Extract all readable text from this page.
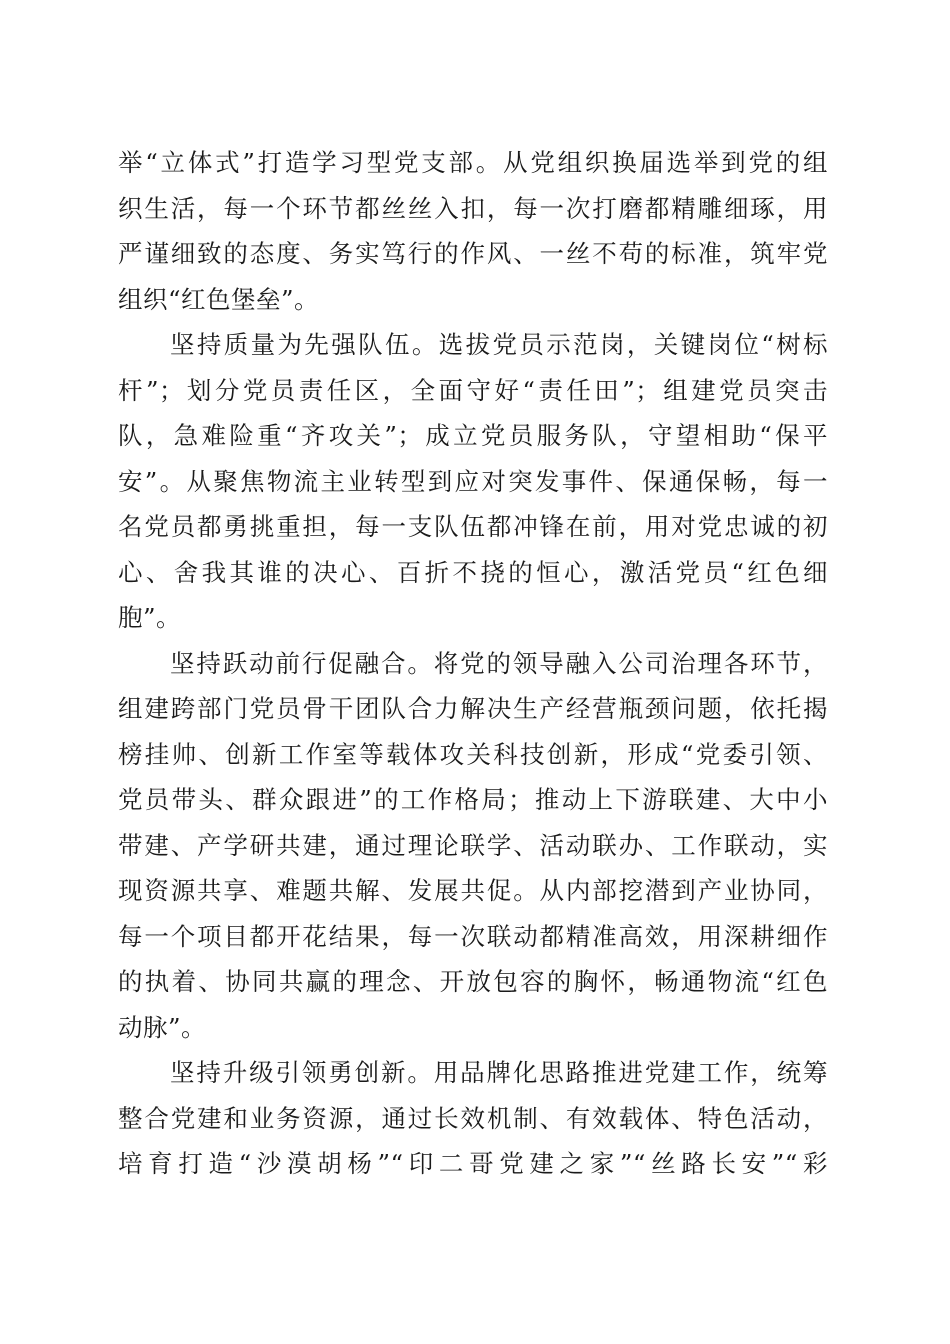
举“立体式”打造学习型党支部。从党组织换届选举到党的组
织生活，每一个环节都丝丝入扣，每一次打磨都精雕细琢，用
严谨细致的态度、务实笃行的作风、一丝不苟的标准，筑牢党
组织“红色堡垒”。
坚持质量为先强队伍。选拔党员示范岗，关键岗位“树标
杆”；划分党员责任区，全面守好“责任田”；组建党员突击
队，急难险重“齐攻关”；成立党员服务队，守望相助“保平
安”。从聚焦物流主业转型到应对突发事件、保通保畅，每一
名党员都勇挑重担，每一支队伍都冲锋在前，用对党忠诚的初
心、舍我其谁的决心、百折不挠的恒心，激活党员“红色细
胞”。
坚持跃动前行促融合。将党的领导融入公司治理各环节，
组建跨部门党员骨干团队合力解决生产经营瓶颈问题，依托揭
榜挂帅、创新工作室等载体攻关科技创新，形成“党委引领、
党员带头、群众跟进”的工作格局；推动上下游联建、大中小
带建、产学研共建，通过理论联学、活动联办、工作联动，实
现资源共享、难题共解、发展共促。从内部挖潜到产业协同，
每一个项目都开花结果，每一次联动都精准高效，用深耕细作
的执着、协同共赢的理念、开放包容的胸怀，畅通物流“红色
动脉”。
坚持升级引领勇创新。用品牌化思路推进党建工作，统筹
整合党建和业务资源，通过长效机制、有效载体、特色活动，
培育打造“沙漠胡杨”“印二哥党建之家”“丝路长安”“彩
